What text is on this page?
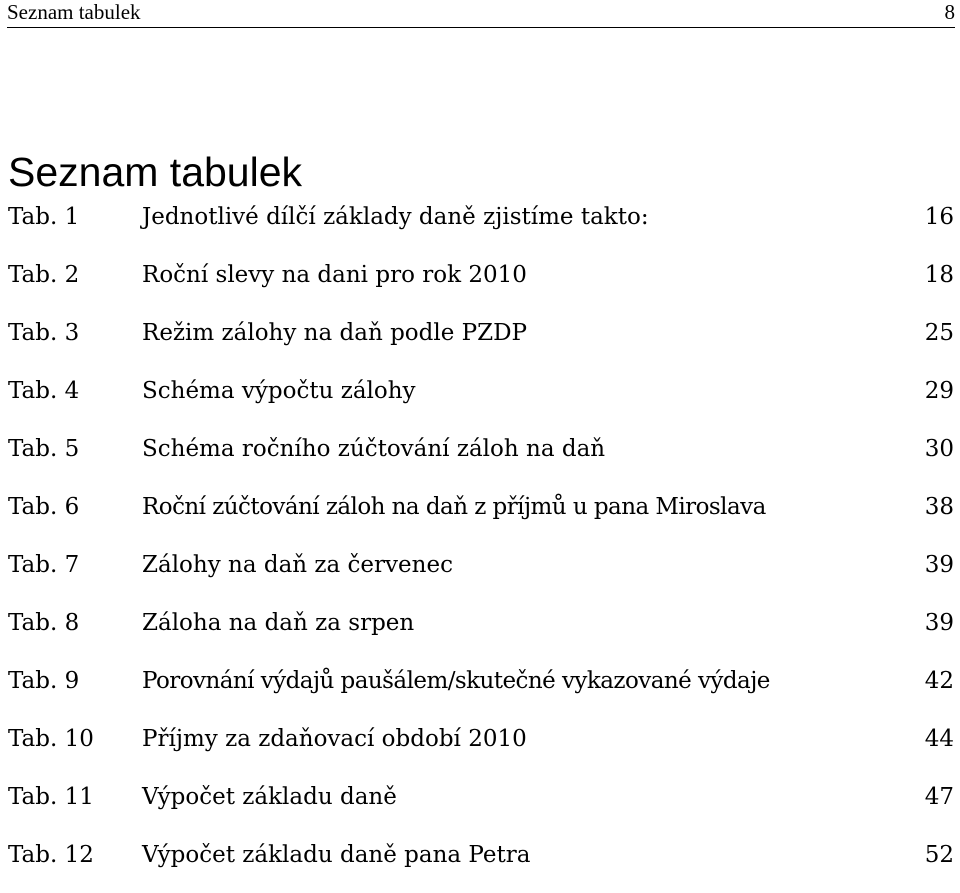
Seznam tabulek	8
Seznam tabulek
Tab. 1	Jednotlivé dílčí základy daně zjistíme takto:	16
Tab. 2	Roční slevy na dani pro rok 2010	18
Tab. 3	Režim zálohy na daň podle PZDP	25
Tab. 4	Schéma výpočtu zálohy	29
Tab. 5	Schéma ročního zúčtování záloh na daň	30
Tab. 6	Roční zúčtování záloh na daň z příjmů u pana Miroslava	38
Tab. 7	Zálohy na daň za červenec	39
Tab. 8	Záloha na daň za srpen	39
Tab. 9	Porovnání výdajů paušálem/skutečné vykazované výdaje	42
Tab. 10 Příjmy za zdaňovací období 2010	44
Tab. 11 Výpočet základu daně	47
Tab. 12 Výpočet základu daně pana Petra	52
